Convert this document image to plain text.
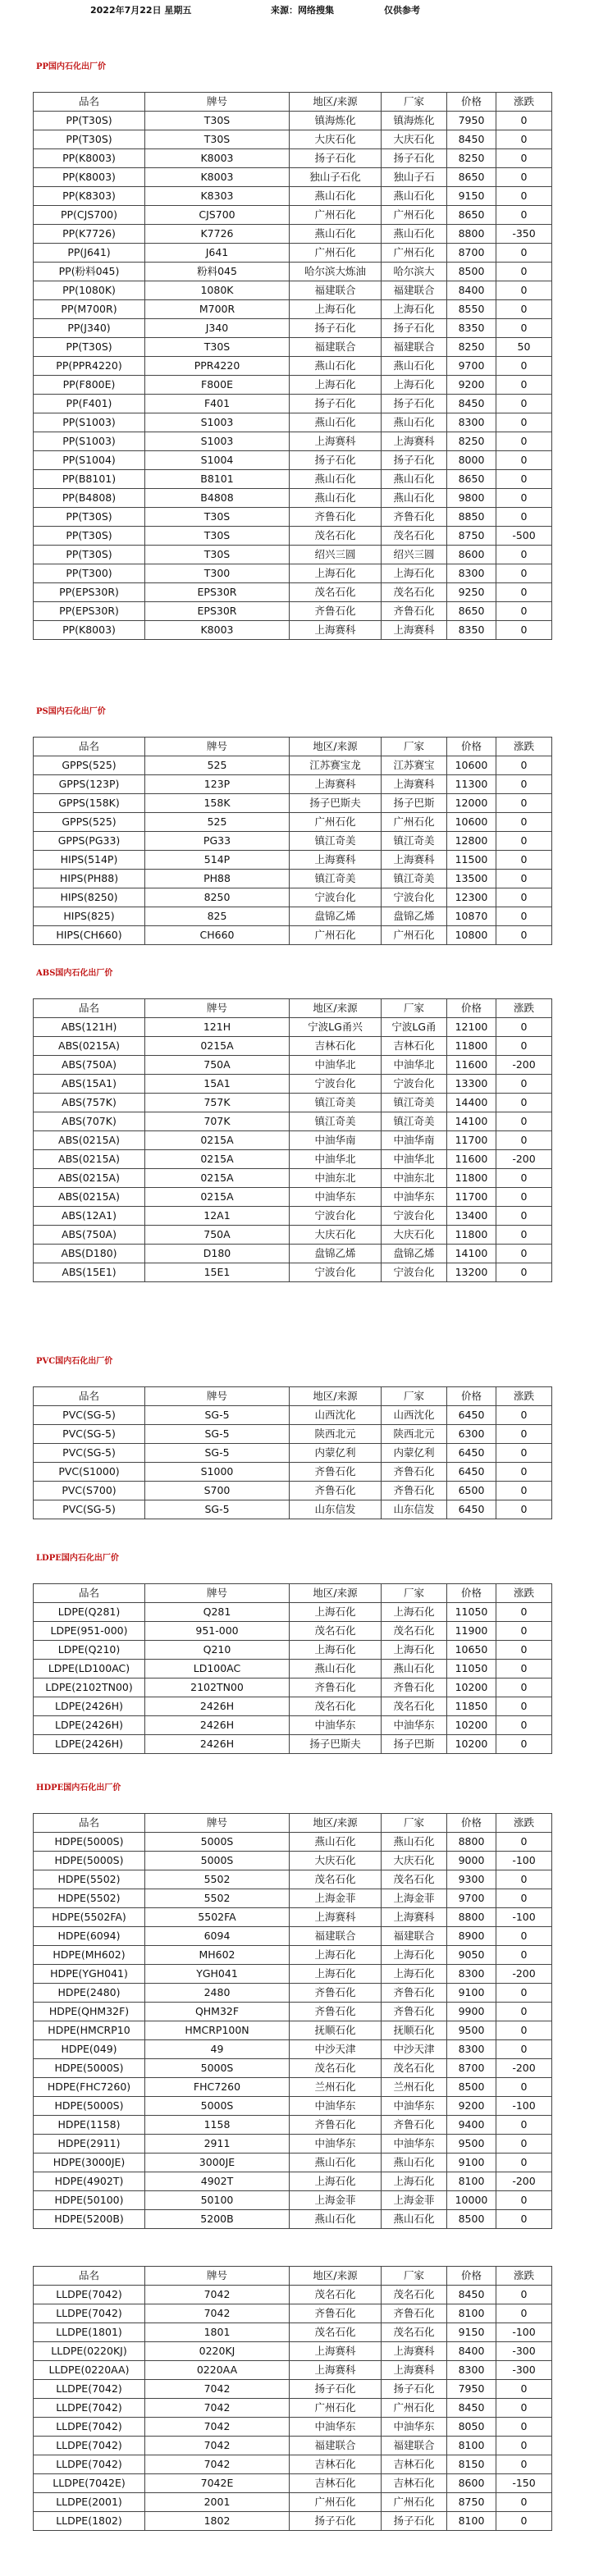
2022年7月22日 星期五	来源：网络搜集	仅供参考
PP国内石化出厂价
品名	牌号	地区/来源	厂家	价格	涨跌
PP(T30S)	T30S	镇海炼化	镇海炼化	7950	0
PP(T30S)	T30S	大庆石化	大庆石化	8450	0
PP(K8003)	K8003	扬子石化	扬子石化	8250	0
PP(K8003)	K8003	独山子石化	独山子石	8650	0
PP(K8303)	K8303	燕山石化	燕山石化	9150	0
PP(CJS700)	CJS700	广州石化	广州石化	8650	0
PP(K7726)	K7726	燕山石化	燕山石化	8800	-350
PP(J641)	J641	广州石化	广州石化	8700	0
PP(粉料045)	粉料045	哈尔滨大炼油	哈尔滨大	8500	0
PP(1080K)	1080K	福建联合	福建联合	8400	0
PP(M700R)	M700R	上海石化	上海石化	8550	0
PP(J340)	J340	扬子石化	扬子石化	8350	0
PP(T30S)	T30S	福建联合	福建联合	8250	50
PP(PPR4220)	PPR4220	燕山石化	燕山石化	9700	0
PP(F800E)	F800E	上海石化	上海石化	9200	0
PP(F401)	F401	扬子石化	扬子石化	8450	0
PP(S1003)	S1003	燕山石化	燕山石化	8300	0
PP(S1003)	S1003	上海赛科	上海赛科	8250	0
PP(S1004)	S1004	扬子石化	扬子石化	8000	0
PP(B8101)	B8101	燕山石化	燕山石化	8650	0
PP(B4808)	B4808	燕山石化	燕山石化	9800	0
PP(T30S)	T30S	齐鲁石化	齐鲁石化	8850	0
PP(T30S)	T30S	茂名石化	茂名石化	8750	-500
PP(T30S)	T30S	绍兴三圆	绍兴三圆	8600	0
PP(T300)	T300	上海石化	上海石化	8300	0
PP(EPS30R)	EPS30R	茂名石化	茂名石化	9250	0
PP(EPS30R)	EPS30R	齐鲁石化	齐鲁石化	8650	0
PP(K8003)	K8003	上海赛科	上海赛科	8350	0
PS国内石化出厂价
品名	牌号	地区/来源	厂家	价格	涨跌
GPPS(525)	525	江苏赛宝龙	江苏赛宝	10600	0
GPPS(123P)	123P	上海赛科	上海赛科	11300	0
GPPS(158K)	158K	扬子巴斯夫	扬子巴斯	12000	0
GPPS(525)	525	广州石化	广州石化	10600	0
GPPS(PG33)	PG33	镇江奇美	镇江奇美	12800	0
HIPS(514P)	514P	上海赛科	上海赛科	11500	0
HIPS(PH88)	PH88	镇江奇美	镇江奇美	13500	0
HIPS(8250)	8250	宁波台化	宁波台化	12300	0
HIPS(825)	825	盘锦乙烯	盘锦乙烯	10870	0
HIPS(CH660)	CH660	广州石化	广州石化	10800	0
ABS国内石化出厂价
品名	牌号	地区/来源	厂家	价格	涨跌
ABS(121H)	121H	宁波LG甬兴	宁波LG甬	12100	0
ABS(0215A)	0215A	吉林石化	吉林石化	11800	0
ABS(750A)	750A	中油华北	中油华北	11600	-200
ABS(15A1)	15A1	宁波台化	宁波台化	13300	0
ABS(757K)	757K	镇江奇美	镇江奇美	14400	0
ABS(707K)	707K	镇江奇美	镇江奇美	14100	0
ABS(0215A)	0215A	中油华南	中油华南	11700	0
ABS(0215A)	0215A	中油华北	中油华北	11600	-200
ABS(0215A)	0215A	中油东北	中油东北	11800	0
ABS(0215A)	0215A	中油华东	中油华东	11700	0
ABS(12A1)	12A1	宁波台化	宁波台化	13400	0
ABS(750A)	750A	大庆石化	大庆石化	11800	0
ABS(D180)	D180	盘锦乙烯	盘锦乙烯	14100	0
ABS(15E1)	15E1	宁波台化	宁波台化	13200	0
PVC国内石化出厂价
品名	牌号	地区/来源	厂家	价格	涨跌
PVC(SG-5)	SG-5	山西沈化	山西沈化	6450	0
PVC(SG-5)	SG-5	陕西北元	陕西北元	6300	0
PVC(SG-5)	SG-5	内蒙亿利	内蒙亿利	6450	0
PVC(S1000)	S1000	齐鲁石化	齐鲁石化	6450	0
PVC(S700)	S700	齐鲁石化	齐鲁石化	6500	0
PVC(SG-5)	SG-5	山东信发	山东信发	6450	0
LDPE国内石化出厂价
品名	牌号	地区/来源	厂家	价格	涨跌
LDPE(Q281)	Q281	上海石化	上海石化	11050	0
LDPE(951-000)	951-000	茂名石化	茂名石化	11900	0
LDPE(Q210)	Q210	上海石化	上海石化	10650	0
LDPE(LD100AC)	LD100AC	燕山石化	燕山石化	11050	0
LDPE(2102TN00)	2102TN00	齐鲁石化	齐鲁石化	10200	0
LDPE(2426H)	2426H	茂名石化	茂名石化	11850	0
LDPE(2426H)	2426H	中油华东	中油华东	10200	0
LDPE(2426H)	2426H	扬子巴斯夫	扬子巴斯	10200	0
HDPE国内石化出厂价
品名	牌号	地区/来源	厂家	价格	涨跌
HDPE(5000S)	5000S	燕山石化	燕山石化	8800	0
HDPE(5000S)	5000S	大庆石化	大庆石化	9000	-100
HDPE(5502)	5502	茂名石化	茂名石化	9300	0
HDPE(5502)	5502	上海金菲	上海金菲	9700	0
HDPE(5502FA)	5502FA	上海赛科	上海赛科	8800	-100
HDPE(6094)	6094	福建联合	福建联合	8900	0
HDPE(MH602)	MH602	上海石化	上海石化	9050	0
HDPE(YGH041)	YGH041	上海石化	上海石化	8300	-200
HDPE(2480)	2480	齐鲁石化	齐鲁石化	9100	0
HDPE(QHM32F)	QHM32F	齐鲁石化	齐鲁石化	9900	0
HDPE(HMCRP10	HMCRP100N	抚顺石化	抚顺石化	9500	0
HDPE(049)	49	中沙天津	中沙天津	8300	0
HDPE(5000S)	5000S	茂名石化	茂名石化	8700	-200
HDPE(FHC7260)	FHC7260	兰州石化	兰州石化	8500	0
HDPE(5000S)	5000S	中油华东	中油华东	9200	-100
HDPE(1158)	1158	齐鲁石化	齐鲁石化	9400	0
HDPE(2911)	2911	中油华东	中油华东	9500	0
HDPE(3000JE)	3000JE	燕山石化	燕山石化	9100	0
HDPE(4902T)	4902T	上海石化	上海石化	8100	-200
HDPE(50100)	50100	上海金菲	上海金菲	10000	0
HDPE(5200B)	5200B	燕山石化	燕山石化	8500	0
品名	牌号	地区/来源	厂家	价格	涨跌
LLDPE(7042)	7042	茂名石化	茂名石化	8450	0
LLDPE(7042)	7042	齐鲁石化	齐鲁石化	8100	0
LLDPE(1801)	1801	茂名石化	茂名石化	9150	-100
LLDPE(0220KJ)	0220KJ	上海赛科	上海赛科	8400	-300
LLDPE(0220AA)	0220AA	上海赛科	上海赛科	8300	-300
LLDPE(7042)	7042	扬子石化	扬子石化	7950	0
LLDPE(7042)	7042	广州石化	广州石化	8450	0
LLDPE(7042)	7042	中油华东	中油华东	8050	0
LLDPE(7042)	7042	福建联合	福建联合	8100	0
LLDPE(7042)	7042	吉林石化	吉林石化	8150	0
LLDPE(7042E)	7042E	吉林石化	吉林石化	8600	-150
LLDPE(2001)	2001	广州石化	广州石化	8750	0
LLDPE(1802)	1802	扬子石化	扬子石化	8100	0
